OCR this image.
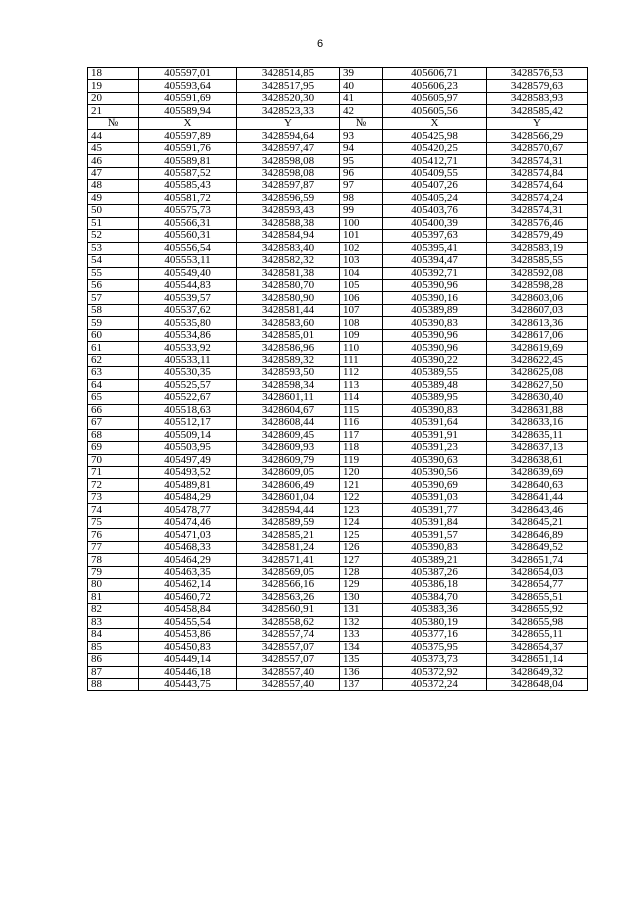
6
18	405597,01	3428514,85	39	405606,71	3428576,53
19	405593,64	3428517,95	40	405606,23	3428579,63
20	405591,69	3428520,30	41	405605,97	3428583,93
21	405589,94	3428523,33	42	405605,56	3428585,42
№	X	Y	№	X	Y
44	405597,89	3428594,64	93	405425,98	3428566,29
45	405591,76	3428597,47	94	405420,25	3428570,67
46	405589,81	3428598,08	95	405412,71	3428574,31
47	405587,52	3428598,08	96	405409,55	3428574,84
48	405585,43	3428597,87	97	405407,26	3428574,64
49	405581,72	3428596,59	98	405405,24	3428574,24
50	405575,73	3428593,43	99	405403,76	3428574,31
51	405566,31	3428588,38	100	405400,39	3428576,46
52	405560,31	3428584,94	101	405397,63	3428579,49
53	405556,54	3428583,40	102	405395,41	3428583,19
54	405553,11	3428582,32	103	405394,47	3428585,55
55	405549,40	3428581,38	104	405392,71	3428592,08
56	405544,83	3428580,70	105	405390,96	3428598,28
57	405539,57	3428580,90	106	405390,16	3428603,06
58	405537,62	3428581,44	107	405389,89	3428607,03
59	405535,80	3428583,60	108	405390,83	3428613,36
60	405534,86	3428585,01	109	405390,96	3428617,06
61	405533,92	3428586,96	110	405390,96	3428619,69
62	405533,11	3428589,32	111	405390,22	3428622,45
63	405530,35	3428593,50	112	405389,55	3428625,08
64	405525,57	3428598,34	113	405389,48	3428627,50
65	405522,67	3428601,11	114	405389,95	3428630,40
66	405518,63	3428604,67	115	405390,83	3428631,88
67	405512,17	3428608,44	116	405391,64	3428633,16
68	405509,14	3428609,45	117	405391,91	3428635,11
69	405503,95	3428609,93	118	405391,23	3428637,13
70	405497,49	3428609,79	119	405390,63	3428638,61
71	405493,52	3428609,05	120	405390,56	3428639,69
72	405489,81	3428606,49	121	405390,69	3428640,63
73	405484,29	3428601,04	122	405391,03	3428641,44
74	405478,77	3428594,44	123	405391,77	3428643,46
75	405474,46	3428589,59	124	405391,84	3428645,21
76	405471,03	3428585,21	125	405391,57	3428646,89
77	405468,33	3428581,24	126	405390,83	3428649,52
78	405464,29	3428571,41	127	405389,21	3428651,74
79	405463,35	3428569,05	128	405387,26	3428654,03
80	405462,14	3428566,16	129	405386,18	3428654,77
81	405460,72	3428563,26	130	405384,70	3428655,51
82	405458,84	3428560,91	131	405383,36	3428655,92
83	405455,54	3428558,62	132	405380,19	3428655,98
84	405453,86	3428557,74	133	405377,16	3428655,11
85	405450,83	3428557,07	134	405375,95	3428654,37
86	405449,14	3428557,07	135	405373,73	3428651,14
87	405446,18	3428557,40	136	405372,92	3428649,32
88	405443,75	3428557,40	137	405372,24	3428648,04
